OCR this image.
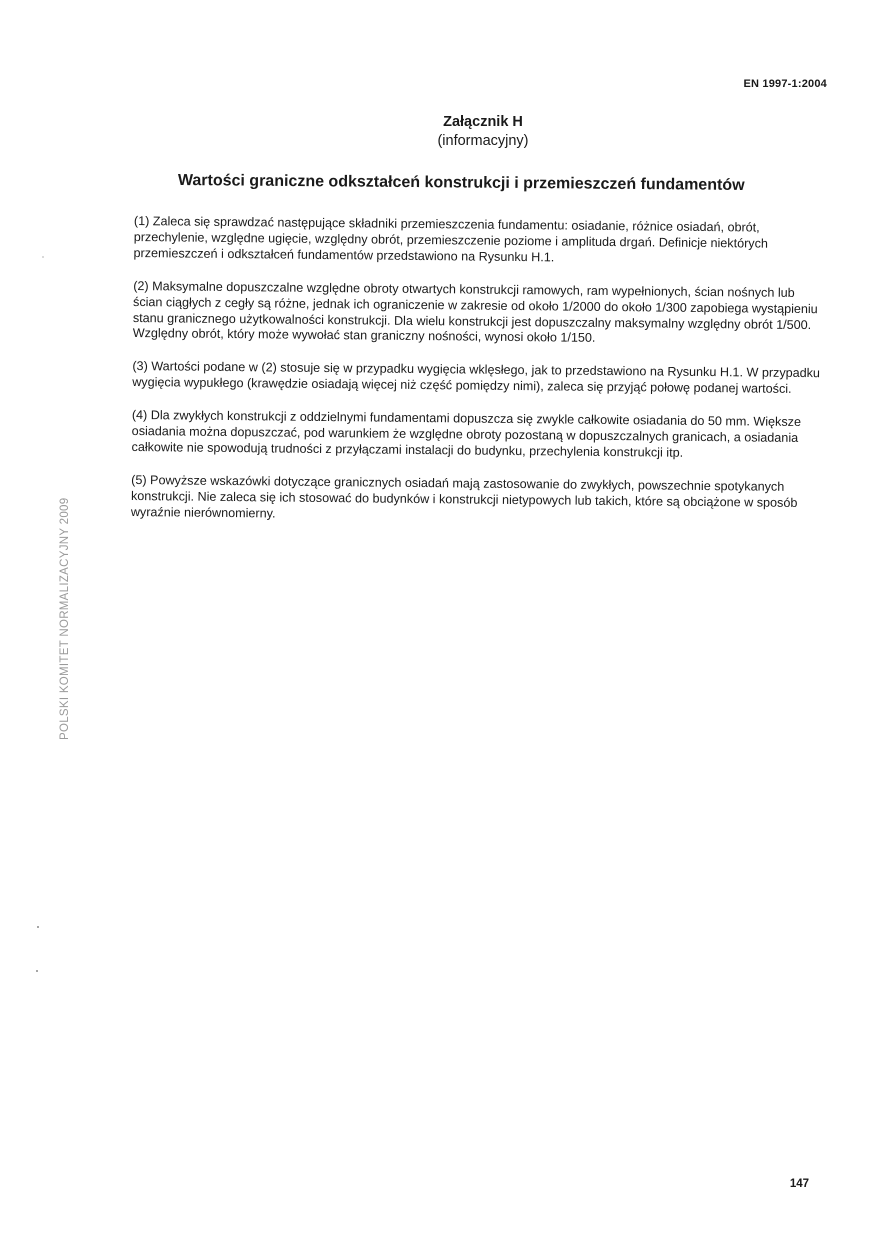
EN 1997-1:2004
Załącznik H
(informacyjny)
Wartości graniczne odkształceń konstrukcji i przemieszczeń fundamentów

(1) Zaleca się sprawdzać następujące składniki przemieszczenia fundamentu: osiadanie, różnice osiadań, obrót, przechylenie, względne ugięcie, względny obrót, przemieszczenie poziome i amplituda drgań. Definicje niektórych przemieszczeń i odkształceń fundamentów przedstawiono na Rysunku H.1.

(2) Maksymalne dopuszczalne względne obroty otwartych konstrukcji ramowych, ram wypełnionych, ścian nośnych lub ścian ciągłych z cegły są różne, jednak ich ograniczenie w zakresie od około 1/2000 do około 1/300 zapobiega wystąpieniu stanu granicznego użytkowalności konstrukcji. Dla wielu konstrukcji jest dopuszczalny maksymalny względny obrót 1/500. Względny obrót, który może wywołać stan graniczny nośności, wynosi około 1/150.

(3) Wartości podane w (2) stosuje się w przypadku wygięcia wklęsłego, jak to przedstawiono na Rysunku H.1. W przypadku wygięcia wypukłego (krawędzie osiadają więcej niż część pomiędzy nimi), zaleca się przyjąć połowę podanej wartości.

(4) Dla zwykłych konstrukcji z oddzielnymi fundamentami dopuszcza się zwykle całkowite osiadania do 50 mm. Większe osiadania można dopuszczać, pod warunkiem że względne obroty pozostaną w dopuszczalnych granicach, a osiadania całkowite nie spowodują trudności z przyłączami instalacji do budynku, przechylenia konstrukcji itp.

(5) Powyższe wskazówki dotyczące granicznych osiadań mają zastosowanie do zwykłych, powszechnie spotykanych konstrukcji. Nie zaleca się ich stosować do budynków i konstrukcji nietypowych lub takich, które są obciążone w sposób wyraźnie nierównomierny.

POLSKI KOMITET NORMALIZACYJNY 2009
147
